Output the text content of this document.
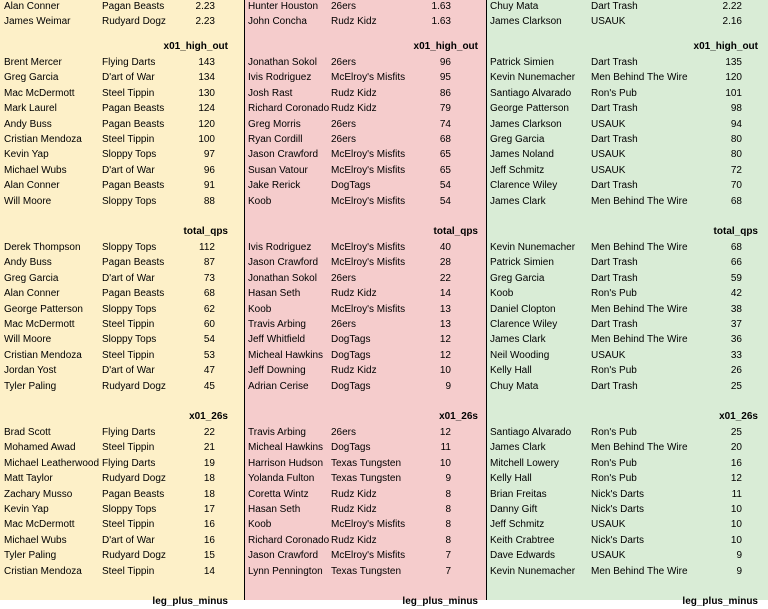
Alan Conner	Pagan Beasts	2.23
James Weimar	Rudyard Dogz	2.23
x01_high_out
Brent Mercer	Flying Darts	143
Greg Garcia	D'art of War	134
Mac McDermott	Steel Tippin	130
Mark Laurel	Pagan Beasts	124
Andy Buss	Pagan Beasts	120
Cristian Mendoza	Steel Tippin	100
Kevin Yap	Sloppy Tops	97
Michael Wubs	D'art of War	96
Alan Conner	Pagan Beasts	91
Will Moore	Sloppy Tops	88
total_qps
Derek Thompson	Sloppy Tops	112
Andy Buss	Pagan Beasts	87
Greg Garcia	D'art of War	73
Alan Conner	Pagan Beasts	68
George Patterson	Sloppy Tops	62
Mac McDermott	Steel Tippin	60
Will Moore	Sloppy Tops	54
Cristian Mendoza	Steel Tippin	53
Jordan Yost	D'art of War	47
Tyler Paling	Rudyard Dogz	45
x01_26s
Brad Scott	Flying Darts	22
Mohamed Awad	Steel Tippin	21
Michael Leatherwood Flying Darts	19
Matt Taylor	Rudyard Dogz	18
Zachary Musso	Pagan Beasts	18
Kevin Yap	Sloppy Tops	17
Mac McDermott	Steel Tippin	16
Michael Wubs	D'art of War	16
Tyler Paling	Rudyard Dogz	15
Cristian Mendoza	Steel Tippin	14
leg_plus_minus
Hunter Houston	26ers	1.63
John Concha	Rudz Kidz	1.63
x01_high_out
Jonathan Sokol	26ers	96
Ivis Rodriguez	McElroy's Misfits	95
Josh Rast	Rudz Kidz	86
Richard Coronado Rudz Kidz	79
Greg Morris	26ers	74
Ryan Cordill	26ers	68
Jason Crawford	McElroy's Misfits	65
Susan Vatour	McElroy's Misfits	65
Jake Rerick	DogTags	54
Koob	McElroy's Misfits	54
total_qps
Ivis Rodriguez	McElroy's Misfits	40
Jason Crawford	McElroy's Misfits	28
Jonathan Sokol	26ers	22
Hasan Seth	Rudz Kidz	14
Koob	McElroy's Misfits	13
Travis Arbing	26ers	13
Jeff Whitfield	DogTags	12
Micheal Hawkins DogTags	12
Jeff Downing	Rudz Kidz	10
Adrian Cerise	DogTags	9
x01_26s
Travis Arbing	26ers	12
Micheal Hawkins DogTags	11
Harrison Hudson Texas Tungsten	10
Yolanda Fulton	Texas Tungsten	9
Coretta Wintz	Rudz Kidz	8
Hasan Seth	Rudz Kidz	8
Koob	McElroy's Misfits	8
Richard Coronado Rudz Kidz	8
Jason Crawford	McElroy's Misfits	7
Lynn Pennington Texas Tungsten	7
leg_plus_minus
Chuy Mata	Dart Trash	2.22
James Clarkson	USAUK	2.16
x01_high_out
Patrick Simien	Dart Trash	135
Kevin Nunemacher	Men Behind The Wire	120
Santiago Alvarado	Ron's Pub	101
George Patterson	Dart Trash	98
James Clarkson	USAUK	94
Greg Garcia	Dart Trash	80
James Noland	USAUK	80
Jeff Schmitz	USAUK	72
Clarence Wiley	Dart Trash	70
James Clark	Men Behind The Wire	68
total_qps
Kevin Nunemacher	Men Behind The Wire	68
Patrick Simien	Dart Trash	66
Greg Garcia	Dart Trash	59
Koob	Ron's Pub	42
Daniel Clopton	Men Behind The Wire	38
Clarence Wiley	Dart Trash	37
James Clark	Men Behind The Wire	36
Neil Wooding	USAUK	33
Kelly Hall	Ron's Pub	26
Chuy Mata	Dart Trash	25
x01_26s
Santiago Alvarado	Ron's Pub	25
James Clark	Men Behind The Wire	20
Mitchell Lowery	Ron's Pub	16
Kelly Hall	Ron's Pub	12
Brian Freitas	Nick's Darts	11
Danny Gift	Nick's Darts	10
Jeff Schmitz	USAUK	10
Keith Crabtree	Nick's Darts	10
Dave Edwards	USAUK	9
Kevin Nunemacher	Men Behind The Wire	9
leg_plus_minus
